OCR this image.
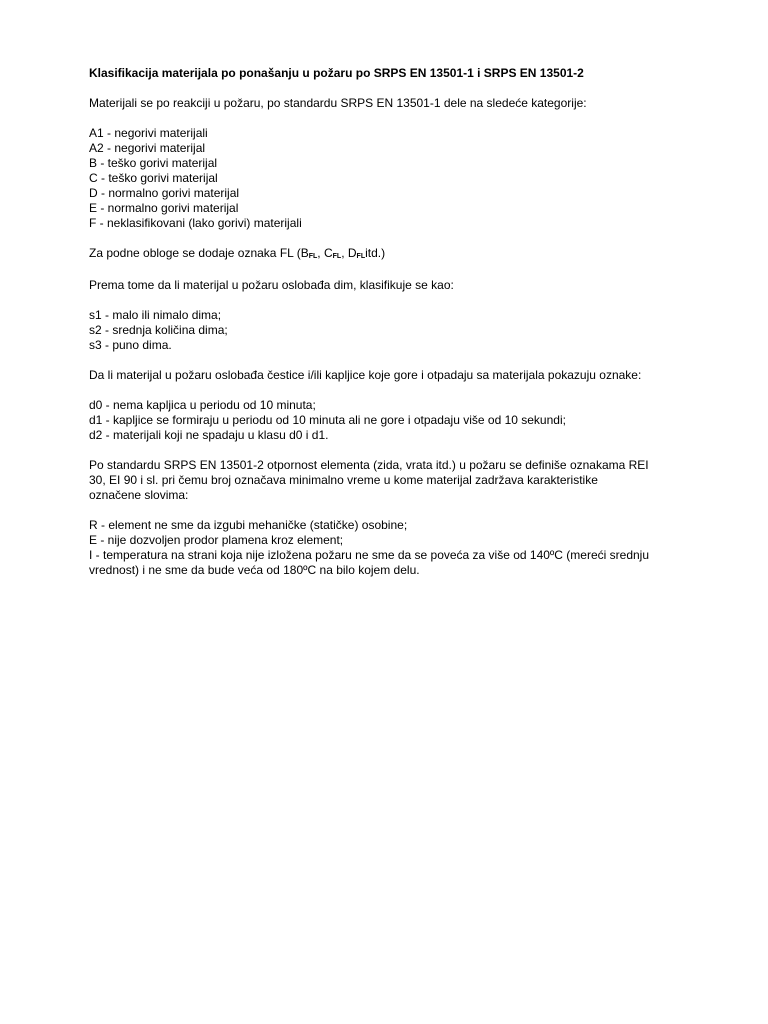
Klasifikacija materijala po ponašanju u požaru po SRPS EN 13501-1 i SRPS EN 13501-2
Materijali se po reakciji u požaru, po standardu SRPS EN 13501-1 dele na sledeće kategorije:
A1 - negorivi materijali
A2 - negorivi materijal
B - teško gorivi materijal
C - teško gorivi materijal
D - normalno gorivi materijal
E - normalno gorivi materijal
F - neklasifikovani (lako gorivi) materijali
Za podne obloge se dodaje oznaka FL ($B_{FL}$, $C_{FL}$, $D_{FL}itd$.)
Prema tome da li materijal u požaru oslobađa dim, klasifikuje se kao:
s1 - malo ili nimalo dima;
s2 - srednja količina dima;
s3 - puno dima.
Da li materijal u požaru oslobađa čestice i/ili kapljice koje gore i otpadaju sa materijala pokazuju oznake:
d0 - nema kapljica u periodu od 10 minuta;
d1 - kapljice se formiraju u periodu od 10 minuta ali ne gore i otpadaju više od 10 sekundi;
d2 - materijali koji ne spadaju u klasu d0 i d1.
Po standardu SRPS EN 13501-2 otpornost elementa (zida, vrata itd.) u požaru se definiše oznakama REI
30, EI 90 i sl. pri čemu broj označava minimalno vreme u kome materijal zadržava karakteristike
označene slovima:
R - element ne sme da izgubi mehaničke (statičke) osobine;
E - nije dozvoljen prodor plamena kroz element;
I - temperatura na strani koja nije izložena požaru ne sme da se poveća za više od 140ºC (mereći srednju
vrednost) i ne sme da bude veća od 180ºC na bilo kojem delu.
